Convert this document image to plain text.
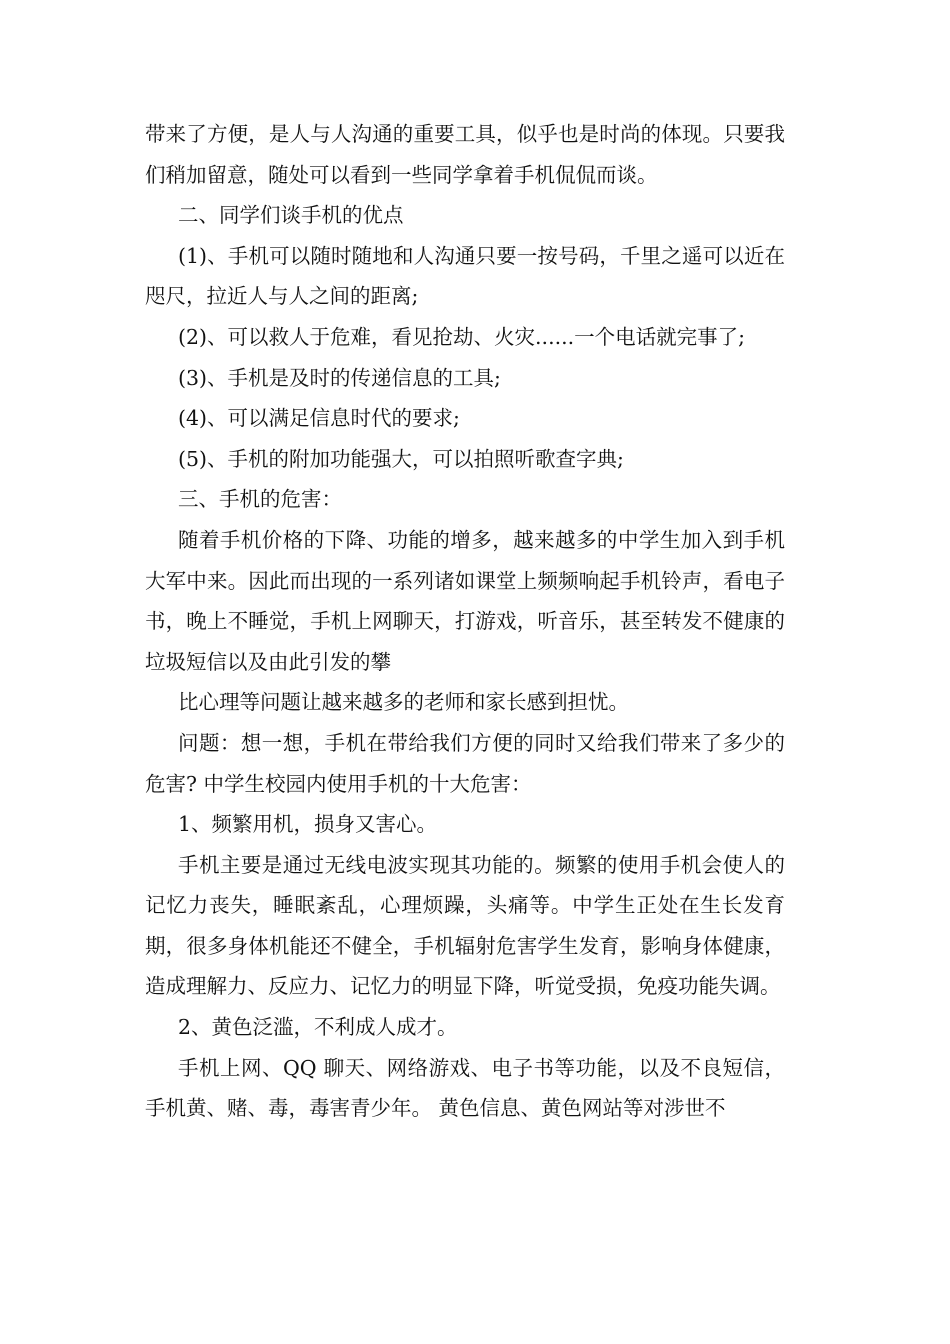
带来了方便，是人与人沟通的重要工具，似乎也是时尚的体现。只要我们稍加留意，随处可以看到一些同学拿着手机侃侃而谈。

二、同学们谈手机的优点

(1)、手机可以随时随地和人沟通只要一按号码，千里之遥可以近在咫尺，拉近人与人之间的距离;

(2)、可以救人于危难，看见抢劫、火灾......一个电话就完事了;

(3)、手机是及时的传递信息的工具;

(4)、可以满足信息时代的要求;

(5)、手机的附加功能强大，可以拍照听歌查字典;

三、手机的危害：

随着手机价格的下降、功能的增多，越来越多的中学生加入到手机大军中来。因此而出现的一系列诸如课堂上频频响起手机铃声，看电子书，晚上不睡觉，手机上网聊天，打游戏，听音乐，甚至转发不健康的垃圾短信以及由此引发的攀

比心理等问题让越来越多的老师和家长感到担忧。

问题：想一想，手机在带给我们方便的同时又给我们带来了多少的危害? 中学生校园内使用手机的十大危害：

1、频繁用机，损身又害心。

手机主要是通过无线电波实现其功能的。频繁的使用手机会使人的记忆力丧失，睡眠紊乱，心理烦躁，头痛等。中学生正处在生长发育期，很多身体机能还不健全，手机辐射危害学生发育，影响身体健康，造成理解力、反应力、记忆力的明显下降，听觉受损，免疫功能失调。

2、黄色泛滥，不利成人成才。

手机上网、QQ 聊天、网络游戏、电子书等功能，以及不良短信，手机黄、赌、毒，毒害青少年。 黄色信息、黄色网站等对涉世不
